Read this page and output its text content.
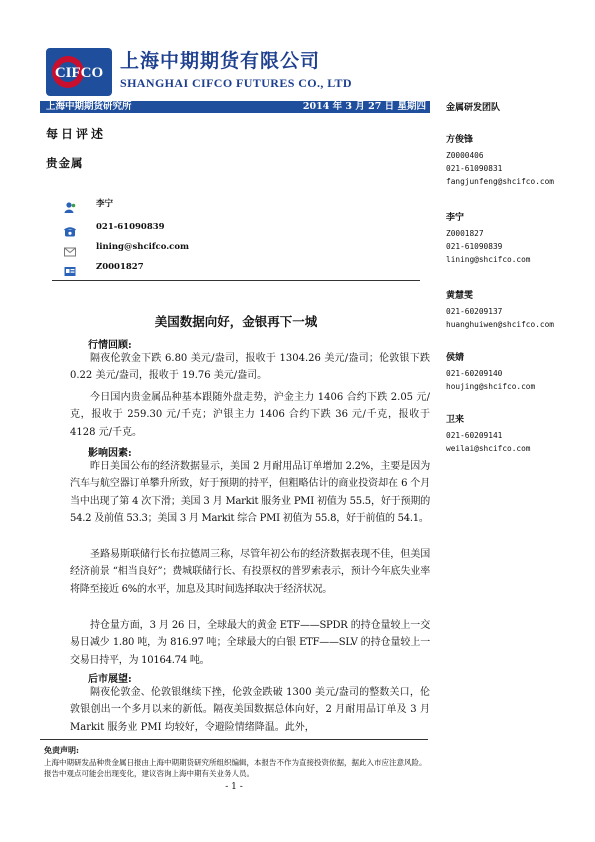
CIFCO
上海中期期货有限公司
SHANGHAI CIFCO FUTURES CO., LTD
上海中期期货研究所	2014 年 3 月 27 日 星期四
每日评述
贵金属
李宁
021-61090839
lining@shcifco.com
Z0001827
美国数据向好，金银再下一城
行情回顾:
隔夜伦敦金下跌 6.80 美元/盎司，报收于 1304.26 美元/盎司；伦敦银下跌 0.22 美元/盎司，报收于 19.76 美元/盎司。
今日国内贵金属品种基本跟随外盘走势，沪金主力 1406 合约下跌 2.05 元/克，报收于 259.30 元/千克；沪银主力 1406 合约下跌 36 元/千克，报收于 4128 元/千克。
影响因素:
昨日美国公布的经济数据显示，美国 2 月耐用品订单增加 2.2%，主要是因为汽车与航空器订单攀升所致，好于预期的持平，但粗略估计的商业投资却在 6 个月当中出现了第 4 次下滑；美国 3 月 Markit 服务业 PMI 初值为 55.5，好于预期的 54.2 及前值 53.3；美国 3 月 Markit 综合 PMI 初值为 55.8，好于前值的 54.1。
圣路易斯联储行长布拉德周三称，尽管年初公布的经济数据表现不佳，但美国经济前景 “相当良好”；费城联储行长、有投票权的普罗索表示，预计今年底失业率将降至接近 6%的水平，加息及其时间选择取决于经济状况。
持仓量方面，3 月 26 日，全球最大的黄金 ETF——SPDR 的持仓量较上一交易日减少 1.80 吨，为 816.97 吨；全球最大的白银 ETF——SLV 的持仓量较上一交易日持平，为 10164.74 吨。
后市展望:
隔夜伦敦金、伦敦银继续下挫，伦敦金跌破 1300 美元/盎司的整数关口，伦敦银创出一个多月以来的新低。隔夜美国数据总体向好，2 月耐用品订单及 3 月 Markit 服务业 PMI 均较好，令避险情绪降温。此外，
免责声明:
上海中期研发品种贵金属日报由上海中期期货研究所组织编辑，本报告不作为直接投资依据，据此入市应注意风险。报告中观点可能会出现变化，建议咨询上海中期有关业务人员。
- 1 -
金属研发团队
方俊锋
Z0000406
021-61090831
fangjunfeng@shcifco.com
李宁
Z0001827
021-61090839
lining@shcifco.com
黄慧雯
021-60209137
huanghuiwen@shcifco.com
侯婧
021-60209140
houjing@shcifco.com
卫来
021-60209141
weilai@shcifco.com
